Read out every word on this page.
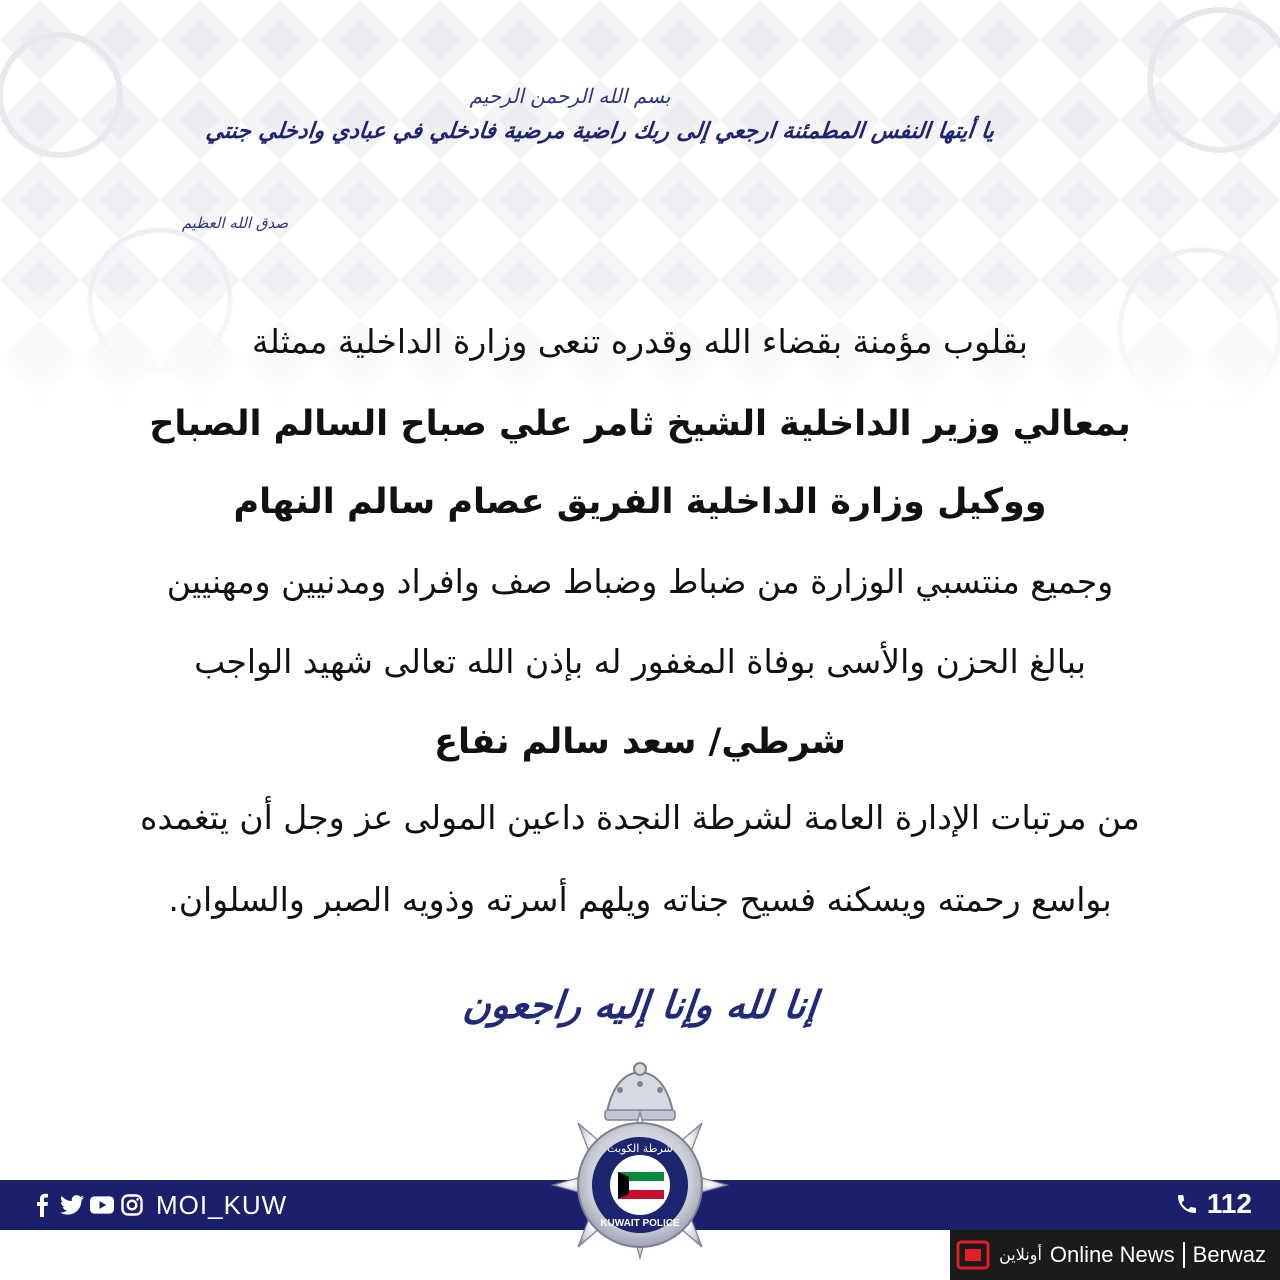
بسم الله الرحمن الرحيم
يا أيتها النفس المطمئنة ارجعي إلى ربك راضية مرضية فادخلي في عبادي وادخلي جنتي
صدق الله العظيم
بقلوب مؤمنة بقضاء الله وقدره تنعى وزارة الداخلية ممثلة
بمعالي وزير الداخلية الشيخ ثامر علي صباح السالم الصباح
ووكيل وزارة الداخلية الفريق عصام سالم النهام
وجميع منتسبي الوزارة من ضباط وضباط صف وافراد ومدنيين ومهنيين
ببالغ الحزن والأسى بوفاة المغفور له بإذن الله تعالى شهيد الواجب
شرطي/ سعد سالم نفاع
من مرتبات الإدارة العامة لشرطة النجدة داعين المولى عز وجل أن يتغمده
بواسع رحمته ويسكنه فسيح جناته ويلهم أسرته وذويه الصبر والسلوان.
إنا لله وإنا إليه راجعون
MOI_KUW	112
شرطة الكويت
KUWAIT POLICE
أونلاين Online News Berwaz
